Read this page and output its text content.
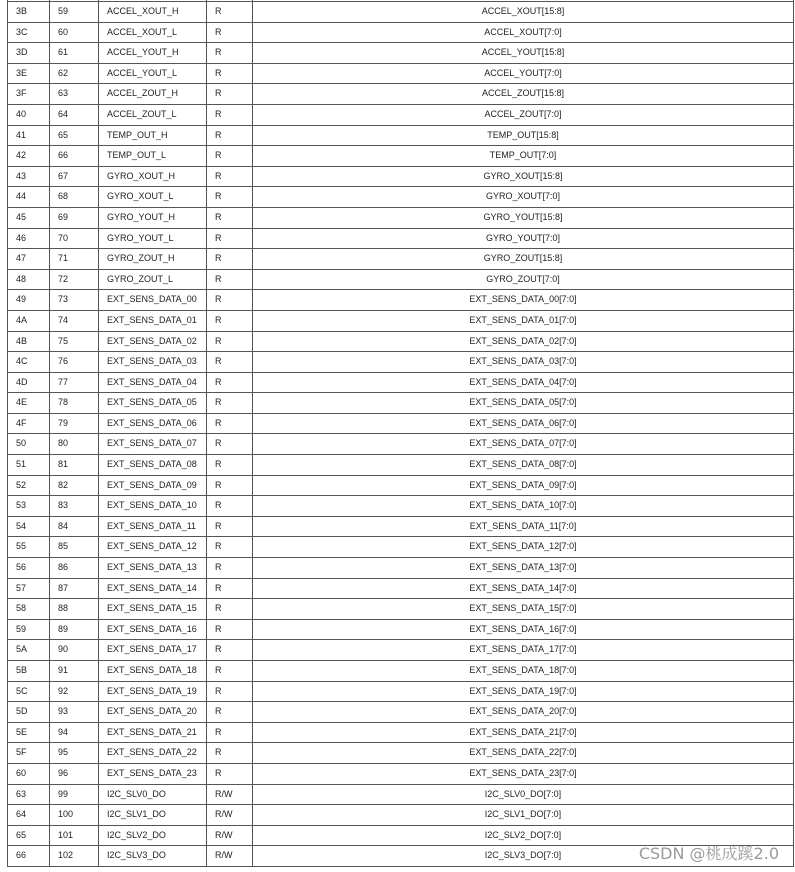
3B	59	ACCEL_XOUT_H	R	ACCEL_XOUT[15:8]
3C	60	ACCEL_XOUT_L	R	ACCEL_XOUT[7:0]
3D	61	ACCEL_YOUT_H	R	ACCEL_YOUT[15:8]
3E	62	ACCEL_YOUT_L	R	ACCEL_YOUT[7:0]
3F	63	ACCEL_ZOUT_H	R	ACCEL_ZOUT[15:8]
40	64	ACCEL_ZOUT_L	R	ACCEL_ZOUT[7:0]
41	65	TEMP_OUT_H	R	TEMP_OUT[15:8]
42	66	TEMP_OUT_L	R	TEMP_OUT[7:0]
43	67	GYRO_XOUT_H	R	GYRO_XOUT[15:8]
44	68	GYRO_XOUT_L	R	GYRO_XOUT[7:0]
45	69	GYRO_YOUT_H	R	GYRO_YOUT[15:8]
46	70	GYRO_YOUT_L	R	GYRO_YOUT[7:0]
47	71	GYRO_ZOUT_H	R	GYRO_ZOUT[15:8]
48	72	GYRO_ZOUT_L	R	GYRO_ZOUT[7:0]
49	73	EXT_SENS_DATA_00	R	EXT_SENS_DATA_00[7:0]
4A	74	EXT_SENS_DATA_01	R	EXT_SENS_DATA_01[7:0]
4B	75	EXT_SENS_DATA_02	R	EXT_SENS_DATA_02[7:0]
4C	76	EXT_SENS_DATA_03	R	EXT_SENS_DATA_03[7:0]
4D	77	EXT_SENS_DATA_04	R	EXT_SENS_DATA_04[7:0]
4E	78	EXT_SENS_DATA_05	R	EXT_SENS_DATA_05[7:0]
4F	79	EXT_SENS_DATA_06	R	EXT_SENS_DATA_06[7:0]
50	80	EXT_SENS_DATA_07	R	EXT_SENS_DATA_07[7:0]
51	81	EXT_SENS_DATA_08	R	EXT_SENS_DATA_08[7:0]
52	82	EXT_SENS_DATA_09	R	EXT_SENS_DATA_09[7:0]
53	83	EXT_SENS_DATA_10	R	EXT_SENS_DATA_10[7:0]
54	84	EXT_SENS_DATA_11	R	EXT_SENS_DATA_11[7:0]
55	85	EXT_SENS_DATA_12	R	EXT_SENS_DATA_12[7:0]
56	86	EXT_SENS_DATA_13	R	EXT_SENS_DATA_13[7:0]
57	87	EXT_SENS_DATA_14	R	EXT_SENS_DATA_14[7:0]
58	88	EXT_SENS_DATA_15	R	EXT_SENS_DATA_15[7:0]
59	89	EXT_SENS_DATA_16	R	EXT_SENS_DATA_16[7:0]
5A	90	EXT_SENS_DATA_17	R	EXT_SENS_DATA_17[7:0]
5B	91	EXT_SENS_DATA_18	R	EXT_SENS_DATA_18[7:0]
5C	92	EXT_SENS_DATA_19	R	EXT_SENS_DATA_19[7:0]
5D	93	EXT_SENS_DATA_20	R	EXT_SENS_DATA_20[7:0]
5E	94	EXT_SENS_DATA_21	R	EXT_SENS_DATA_21[7:0]
5F	95	EXT_SENS_DATA_22	R	EXT_SENS_DATA_22[7:0]
60	96	EXT_SENS_DATA_23	R	EXT_SENS_DATA_23[7:0]
63	99	I2C_SLV0_DO	R/W	I2C_SLV0_DO[7:0]
64	100	I2C_SLV1_DO	R/W	I2C_SLV1_DO[7:0]
65	101	I2C_SLV2_DO	R/W	I2C_SLV2_DO[7:0]
66	102	I2C_SLV3_DO	R/W	I2C_SLV3_DO[7:0]	CSDN @桃成蹊2.0
